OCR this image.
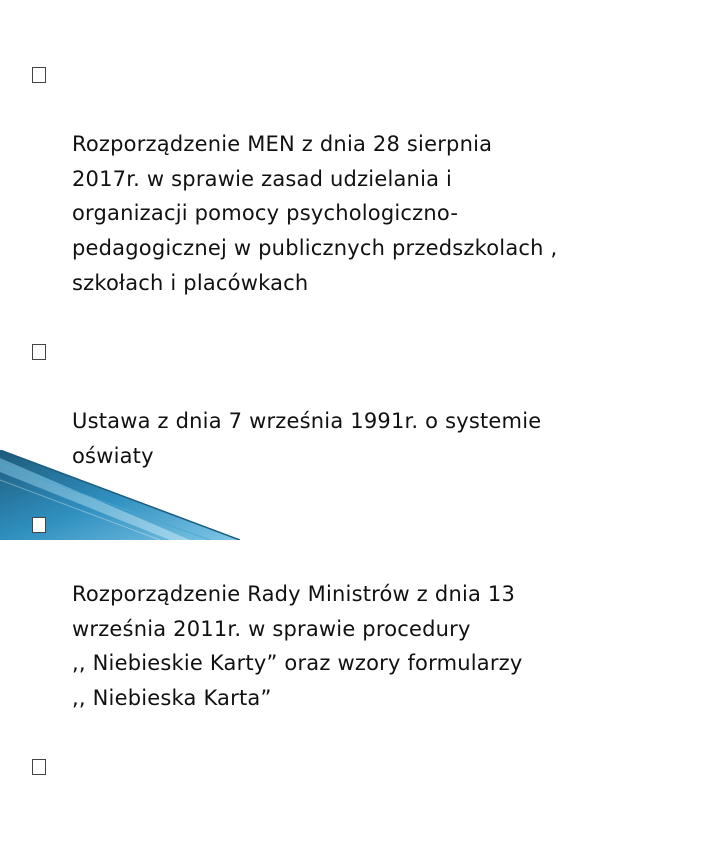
Rozporządzenie MEN z dnia 28 sierpnia
2017r. w sprawie zasad udzielania i
organizacji pomocy psychologiczno-
pedagogicznej w publicznych przedszkolach ,
szkołach i placówkach

Ustawa z dnia 7 września 1991r. o systemie
oświaty

Rozporządzenie Rady Ministrów z dnia 13
września 2011r. w sprawie procedury
,, Niebieskie Karty” oraz wzory formularzy
,, Niebieska Karta”
